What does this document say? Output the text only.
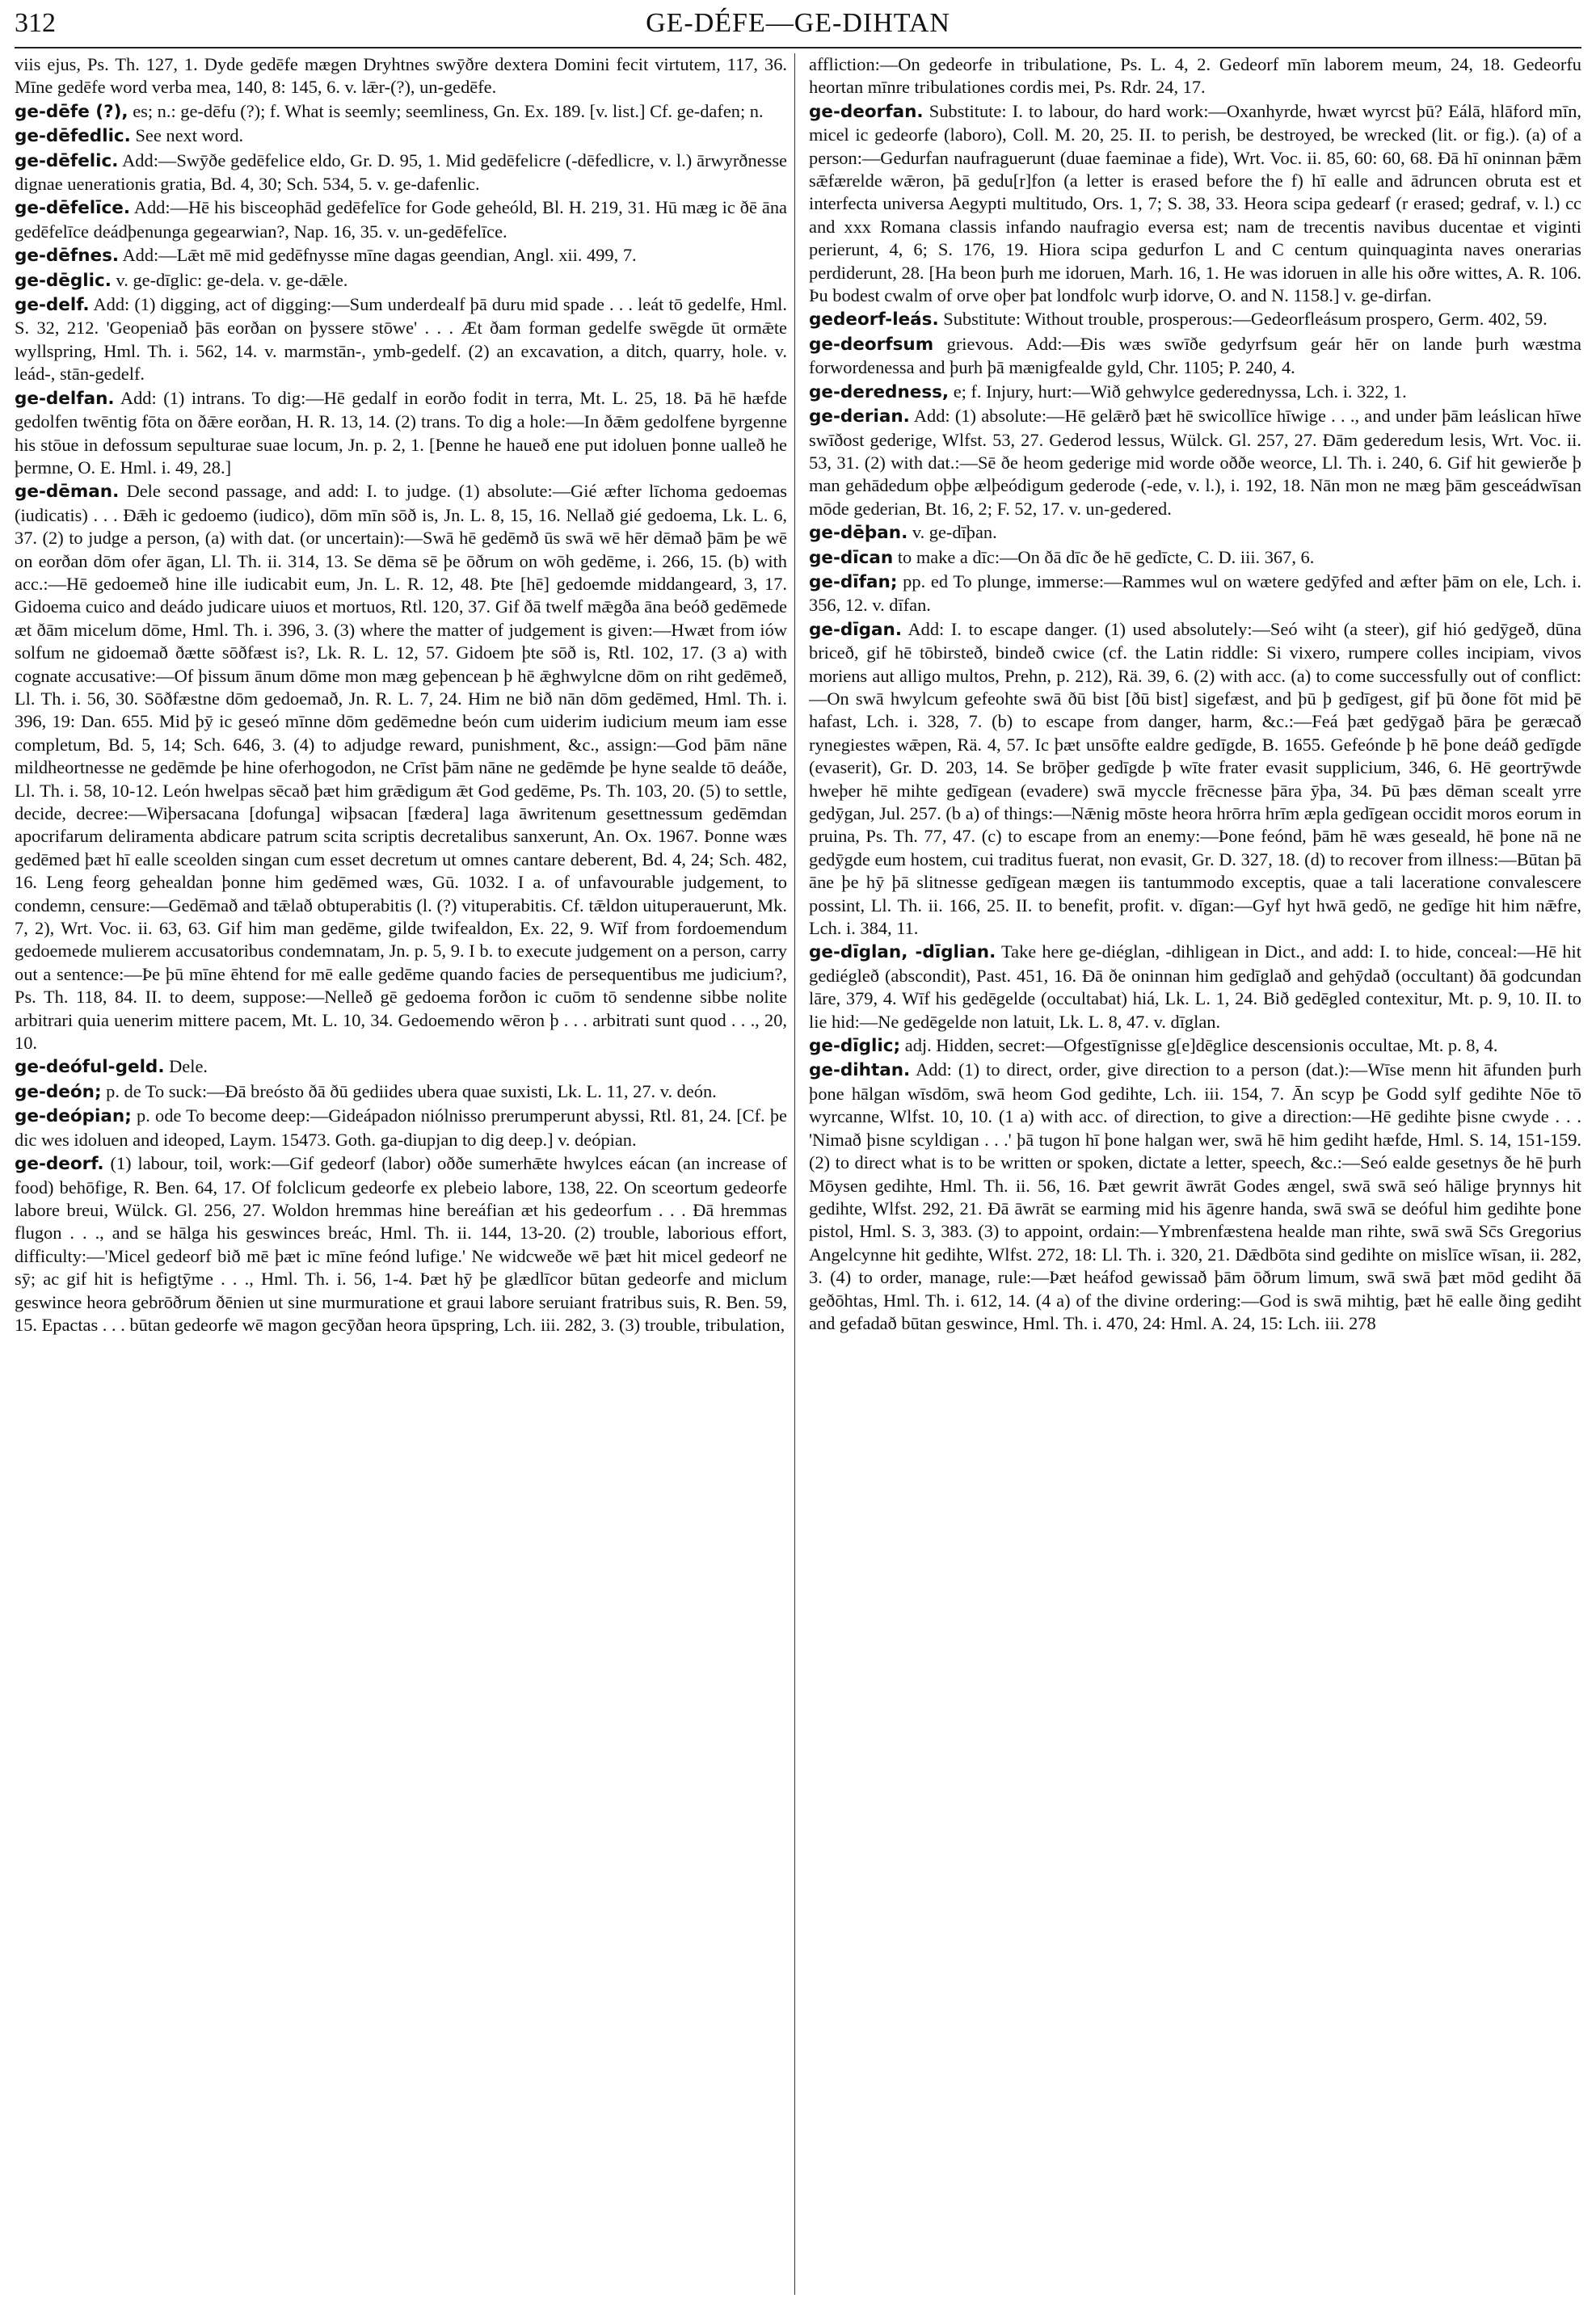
312	GE-DÉFE—GE-DIHTAN

viis ejus, Ps. Th. 127, 1. Dyde gedēfe mægen Dryhtnes swȳðre dextera Domini fecit virtutem, 117, 36. Mīne gedēfe word verba mea, 140, 8: 145, 6. v. lǣr-(?), un-gedēfe.

ge-dēfe (?), es; n.: ge-dēfu (?); f. What is seemly; seemliness, Gn. Ex. 189. [v. list.] Cf. ge-dafen; n.

ge-dēfedlic. See next word.

ge-dēfelic. Add:—Swȳðe gedēfelice eldo, Gr. D. 95, 1. Mid gedēfelicre (-dēfedlicre, v. l.) ārwyrðnesse dignae uenerationis gratia, Bd. 4, 30; Sch. 534, 5. v. ge-dafenlic.

ge-dēfelīce. Add:—Hē his bisceophād gedēfelīce for Gode geheóld, Bl. H. 219, 31. Hū mæg ic ðē āna gedēfelīce deádþenunga gegearwian?, Nap. 16, 35. v. un-gedēfelīce.

ge-dēfnes. Add:—Lǣt mē mid gedēfnysse mīne dagas geendian, Angl. xii. 499, 7.

ge-dēglic. v. ge-dīglic: ge-dela. v. ge-dǣle.

ge-delf. Add: (1) digging, act of digging:—Sum underdealf þā duru mid spade . . . leát tō gedelfe, Hml. S. 32, 212. 'Geopeniað þās eorðan on þyssere stōwe' . . . Æt ðam forman gedelfe swēgde ūt ormǣte wyllspring, Hml. Th. i. 562, 14. v. marmstān-, ymb-gedelf. (2) an excavation, a ditch, quarry, hole. v. leád-, stān-gedelf.

ge-delfan. Add: (1) intrans. To dig:—Hē gedalf in eorðo fodit in terra, Mt. L. 25, 18. Þā hē hæfde gedolfen twēntig fōta on ðǣre eorðan, H. R. 13, 14. (2) trans. To dig a hole:—In ðǣm gedolfene byrgenne his stōue in defossum sepulturae suae locum, Jn. p. 2, 1. [Þenne he haueð ene put idoluen þonne ualleð he þermne, O. E. Hml. i. 49, 28.]

ge-dēman. Dele second passage, and add: I. to judge. (1) absolute:—Gié æfter līchoma gedoemas (iudicatis) . . . Ðǣh ic gedoemo (iudico), dōm mīn sōð is, Jn. L. 8, 15, 16. Nellað gié gedoema, Lk. L. 6, 37. (2) to judge a person, (a) with dat. (or uncertain):—Swā hē gedēmð ūs swā wē hēr dēmað þām þe wē on eorðan dōm ofer āgan, Ll. Th. ii. 314, 13. Se dēma sē þe ōðrum on wōh gedēme, i. 266, 15. (b) with acc.:—Hē gedoemeð hine ille iudicabit eum, Jn. L. R. 12, 48. Þte [hē] gedoemde middangeard, 3, 17. Gidoema cuico and deádo judicare uiuos et mortuos, Rtl. 120, 37. Gif ðā twelf mǣgða āna beóð gedēmede æt ðām micelum dōme, Hml. Th. i. 396, 3. (3) where the matter of judgement is given:—Hwæt from iów solfum ne gidoemað ðætte sōðfæst is?, Lk. R. L. 12, 57. Gidoem þte sōð is, Rtl. 102, 17. (3 a) with cognate accusative:—Of þissum ānum dōme mon mæg geþencean þ hē ǣghwylcne dōm on riht gedēmeð, Ll. Th. i. 56, 30. Sōðfæstne dōm gedoemað, Jn. R. L. 7, 24. Him ne bið nān dōm gedēmed, Hml. Th. i. 396, 19: Dan. 655. Mid þȳ ic geseó mīnne dōm gedēmedne beón cum uiderim iudicium meum iam esse completum, Bd. 5, 14; Sch. 646, 3. (4) to adjudge reward, punishment, &c., assign:—God þām nāne mildheortnesse ne gedēmde þe hine oferhogodon, ne Crīst þām nāne ne gedēmde þe hyne sealde tō deáðe, Ll. Th. i. 58, 10-12. León hwelpas sēcað þæt him grǣdigum ǣt God gedēme, Ps. Th. 103, 20. (5) to settle, decide, decree:—Wiþersacana [dofunga] wiþsacan [fædera] laga āwritenum gesettnessum gedēmdan apocrifarum deliramenta abdicare patrum scita scriptis decretalibus sanxerunt, An. Ox. 1967. Þonne wæs gedēmed þæt hī ealle sceolden singan cum esset decretum ut omnes cantare deberent, Bd. 4, 24; Sch. 482, 16. Leng feorg gehealdan þonne him gedēmed wæs, Gū. 1032. I a. of unfavourable judgement, to condemn, censure:—Gedēmað and tǣlað obtuperabitis (l. (?) vituperabitis. Cf. tǣldon uituperauerunt, Mk. 7, 2), Wrt. Voc. ii. 63, 63. Gif him man gedēme, gilde twifealdon, Ex. 22, 9. Wīf from fordoemendum gedoemede mulierem accusatoribus condemnatam, Jn. p. 5, 9. I b. to execute judgement on a person, carry out a sentence:—Þe þū mīne ēhtend for mē ealle gedēme quando facies de persequentibus me judicium?, Ps. Th. 118, 84. II. to deem, suppose:—Nelleð gē gedoema forðon ic cuōm tō sendenne sibbe nolite arbitrari quia uenerim mittere pacem, Mt. L. 10, 34. Gedoemendo wēron þ . . . arbitrati sunt quod . . ., 20, 10.

ge-deóful-geld. Dele.

ge-deón; p. de To suck:—Ðā breósto ðā ðū gediides ubera quae suxisti, Lk. L. 11, 27. v. deón.

ge-deópian; p. ode To become deep:—Gideápadon niólnisso prerumperunt abyssi, Rtl. 81, 24. [Cf. þe dic wes idoluen and ideoped, Laym. 15473. Goth. ga-diupjan to dig deep.] v. deópian.

ge-deorf. (1) labour, toil, work:—Gif gedeorf (labor) oððe sumerhǣte hwylces eácan (an increase of food) behōfige, R. Ben. 64, 17. Of folclicum gedeorfe ex plebeio labore, 138, 22. On sceortum gedeorfe labore breui, Wülck. Gl. 256, 27. Woldon hremmas hine bereáfian æt his gedeorfum . . . Ðā hremmas flugon . . ., and se hālga his geswinces breác, Hml. Th. ii. 144, 13-20. (2) trouble, laborious effort, difficulty:—'Micel gedeorf bið mē þæt ic mīne feónd lufige.' Ne widcweðe wē þæt hit micel gedeorf ne sȳ; ac gif hit is hefigtȳme . . ., Hml. Th. i. 56, 1-4. Þæt hȳ þe glædlīcor būtan gedeorfe and miclum geswince heora gebrōðrum ðēnien ut sine murmuratione et graui labore seruiant fratribus suis, R. Ben. 59, 15. Epactas . . . būtan gedeorfe wē magon gecȳðan heora ūpspring, Lch. iii. 282, 3. (3) trouble, tribulation,

affliction:—On gedeorfe in tribulatione, Ps. L. 4, 2. Gedeorf mīn laborem meum, 24, 18. Gedeorfu heortan mīnre tribulationes cordis mei, Ps. Rdr. 24, 17.

ge-deorfan. Substitute: I. to labour, do hard work:—Oxanhyrde, hwæt wyrcst þū? Eálā, hlāford mīn, micel ic gedeorfe (laboro), Coll. M. 20, 25. II. to perish, be destroyed, be wrecked (lit. or fig.). (a) of a person:—Gedurfan naufraguerunt (duae faeminae a fide), Wrt. Voc. ii. 85, 60: 60, 68. Ðā hī oninnan þǣm sǣfærelde wǣron, þā gedu[r]fon (a letter is erased before the f) hī ealle and ādruncen obruta est et interfecta universa Aegypti multitudo, Ors. 1, 7; S. 38, 33. Heora scipa gedearf (r erased; gedraf, v. l.) cc and xxx Romana classis infando naufragio eversa est; nam de trecentis navibus ducentae et viginti perierunt, 4, 6; S. 176, 19. Hiora scipa gedurfon L and C centum quinquaginta naves onerarias perdiderunt, 28. [Ha beon þurh me idoruen, Marh. 16, 1. He was idoruen in alle his oðre wittes, A. R. 106. Þu bodest cwalm of orve oþer þat londfolc wurþ idorve, O. and N. 1158.] v. ge-dirfan.

gedeorf-leás. Substitute: Without trouble, prosperous:—Gedeorfleásum prospero, Germ. 402, 59.

ge-deorfsum grievous. Add:—Ðis wæs swīðe gedyrfsum geár hēr on lande þurh wæstma forwordenessa and þurh þā mænigfealde gyld, Chr. 1105; P. 240, 4.

ge-deredness, e; f. Injury, hurt:—Wið gehwylce gederednyssa, Lch. i. 322, 1.

ge-derian. Add: (1) absolute:—Hē gelǣrð þæt hē swicollīce hīwige . . ., and under þām leáslican hīwe swīðost gederige, Wlfst. 53, 27. Gederod lessus, Wülck. Gl. 257, 27. Ðām gederedum lesis, Wrt. Voc. ii. 53, 31. (2) with dat.:—Sē ðe heom gederige mid worde oððe weorce, Ll. Th. i. 240, 6. Gif hit gewierðe þ man gehādedum oþþe ælþeódigum gederode (-ede, v. l.), i. 192, 18. Nān mon ne mæg þām gesceádwīsan mōde gederian, Bt. 16, 2; F. 52, 17. v. un-gedered.

ge-dēþan. v. ge-dīþan.

ge-dīcan to make a dīc:—On ðā dīc ðe hē gedīcte, C. D. iii. 367, 6.

ge-dīfan; pp. ed To plunge, immerse:—Rammes wul on wætere gedȳfed and æfter þām on ele, Lch. i. 356, 12. v. dīfan.

ge-dīgan. Add: I. to escape danger. (1) used absolutely:—Seó wiht (a steer), gif hió gedȳgeð, dūna briceð, gif hē tōbirsteð, bindeð cwice (cf. the Latin riddle: Si vixero, rumpere colles incipiam, vivos moriens aut alligo multos, Prehn, p. 212), Rä. 39, 6. (2) with acc. (a) to come successfully out of conflict:—On swā hwylcum gefeohte swā ðū bist [ðū bist] sigefæst, and þū þ gedīgest, gif þū ðone fōt mid þē hafast, Lch. i. 328, 7. (b) to escape from danger, harm, &c.:—Feá þæt gedȳgað þāra þe geræcað rynegiestes wǣpen, Rä. 4, 57. Ic þæt unsōfte ealdre gedīgde, B. 1655. Gefeónde þ hē þone deáð gedīgde (evaserit), Gr. D. 203, 14. Se brōþer gedīgde þ wīte frater evasit supplicium, 346, 6. Hē geortrȳwde hweþer hē mihte gedīgean (evadere) swā myccle frēcnesse þāra ȳþa, 34. Þū þæs dēman scealt yrre gedȳgan, Jul. 257. (b a) of things:—Nǣnig mōste heora hrōrra hrīm æpla gedīgean occidit moros eorum in pruina, Ps. Th. 77, 47. (c) to escape from an enemy:—Þone feónd, þām hē wæs geseald, hē þone nā ne gedȳgde eum hostem, cui traditus fuerat, non evasit, Gr. D. 327, 18. (d) to recover from illness:—Būtan þā āne þe hȳ þā slitnesse gedīgean mægen iis tantummodo exceptis, quae a tali laceratione convalescere possint, Ll. Th. ii. 166, 25. II. to benefit, profit. v. dīgan:—Gyf hyt hwā gedō, ne gedīge hit him nǣfre, Lch. i. 384, 11.

ge-dīglan, -dīglian. Take here ge-diéglan, -dihligean in Dict., and add: I. to hide, conceal:—Hē hit gediégleð (abscondit), Past. 451, 16. Ðā ðe oninnan him gedīglað and gehȳdað (occultant) ðā godcundan lāre, 379, 4. Wīf his gedēgelde (occultabat) hiá, Lk. L. 1, 24. Bið gedēgled contexitur, Mt. p. 9, 10. II. to lie hid:—Ne gedēgelde non latuit, Lk. L. 8, 47. v. dīglan.

ge-dīglic; adj. Hidden, secret:—Ofgestīgnisse g[e]dēglice descensionis occultae, Mt. p. 8, 4.

ge-dihtan. Add: (1) to direct, order, give direction to a person (dat.):—Wīse menn hit āfunden þurh þone hālgan wīsdōm, swā heom God gedihte, Lch. iii. 154, 7. Ān scyp þe Godd sylf gedihte Nōe tō wyrcanne, Wlfst. 10, 10. (1 a) with acc. of direction, to give a direction:—Hē gedihte þisne cwyde . . . 'Nimað þisne scyldigan . . .' þā tugon hī þone halgan wer, swā hē him gediht hæfde, Hml. S. 14, 151-159. (2) to direct what is to be written or spoken, dictate a letter, speech, &c.:—Seó ealde gesetnys ðe hē þurh Mōysen gedihte, Hml. Th. ii. 56, 16. Þæt gewrit āwrāt Godes ængel, swā swā seó hālige þrynnys hit gedihte, Wlfst. 292, 21. Ðā āwrāt se earming mid his āgenre handa, swā swā se deóful him gedihte þone pistol, Hml. S. 3, 383. (3) to appoint, ordain:—Ymbrenfæstena healde man rihte, swā swā Sc̄s Gregorius Angelcynne hit gedihte, Wlfst. 272, 18: Ll. Th. i. 320, 21. Dǣdbōta sind gedihte on mislīce wīsan, ii. 282, 3. (4) to order, manage, rule:—Þæt heáfod gewissað þām ōðrum limum, swā swā þæt mōd gediht ðā geðōhtas, Hml. Th. i. 612, 14. (4 a) of the divine ordering:—God is swā mihtig, þæt hē ealle ðing gediht and gefadað būtan geswince, Hml. Th. i. 470, 24: Hml. A. 24, 15: Lch. iii. 278
